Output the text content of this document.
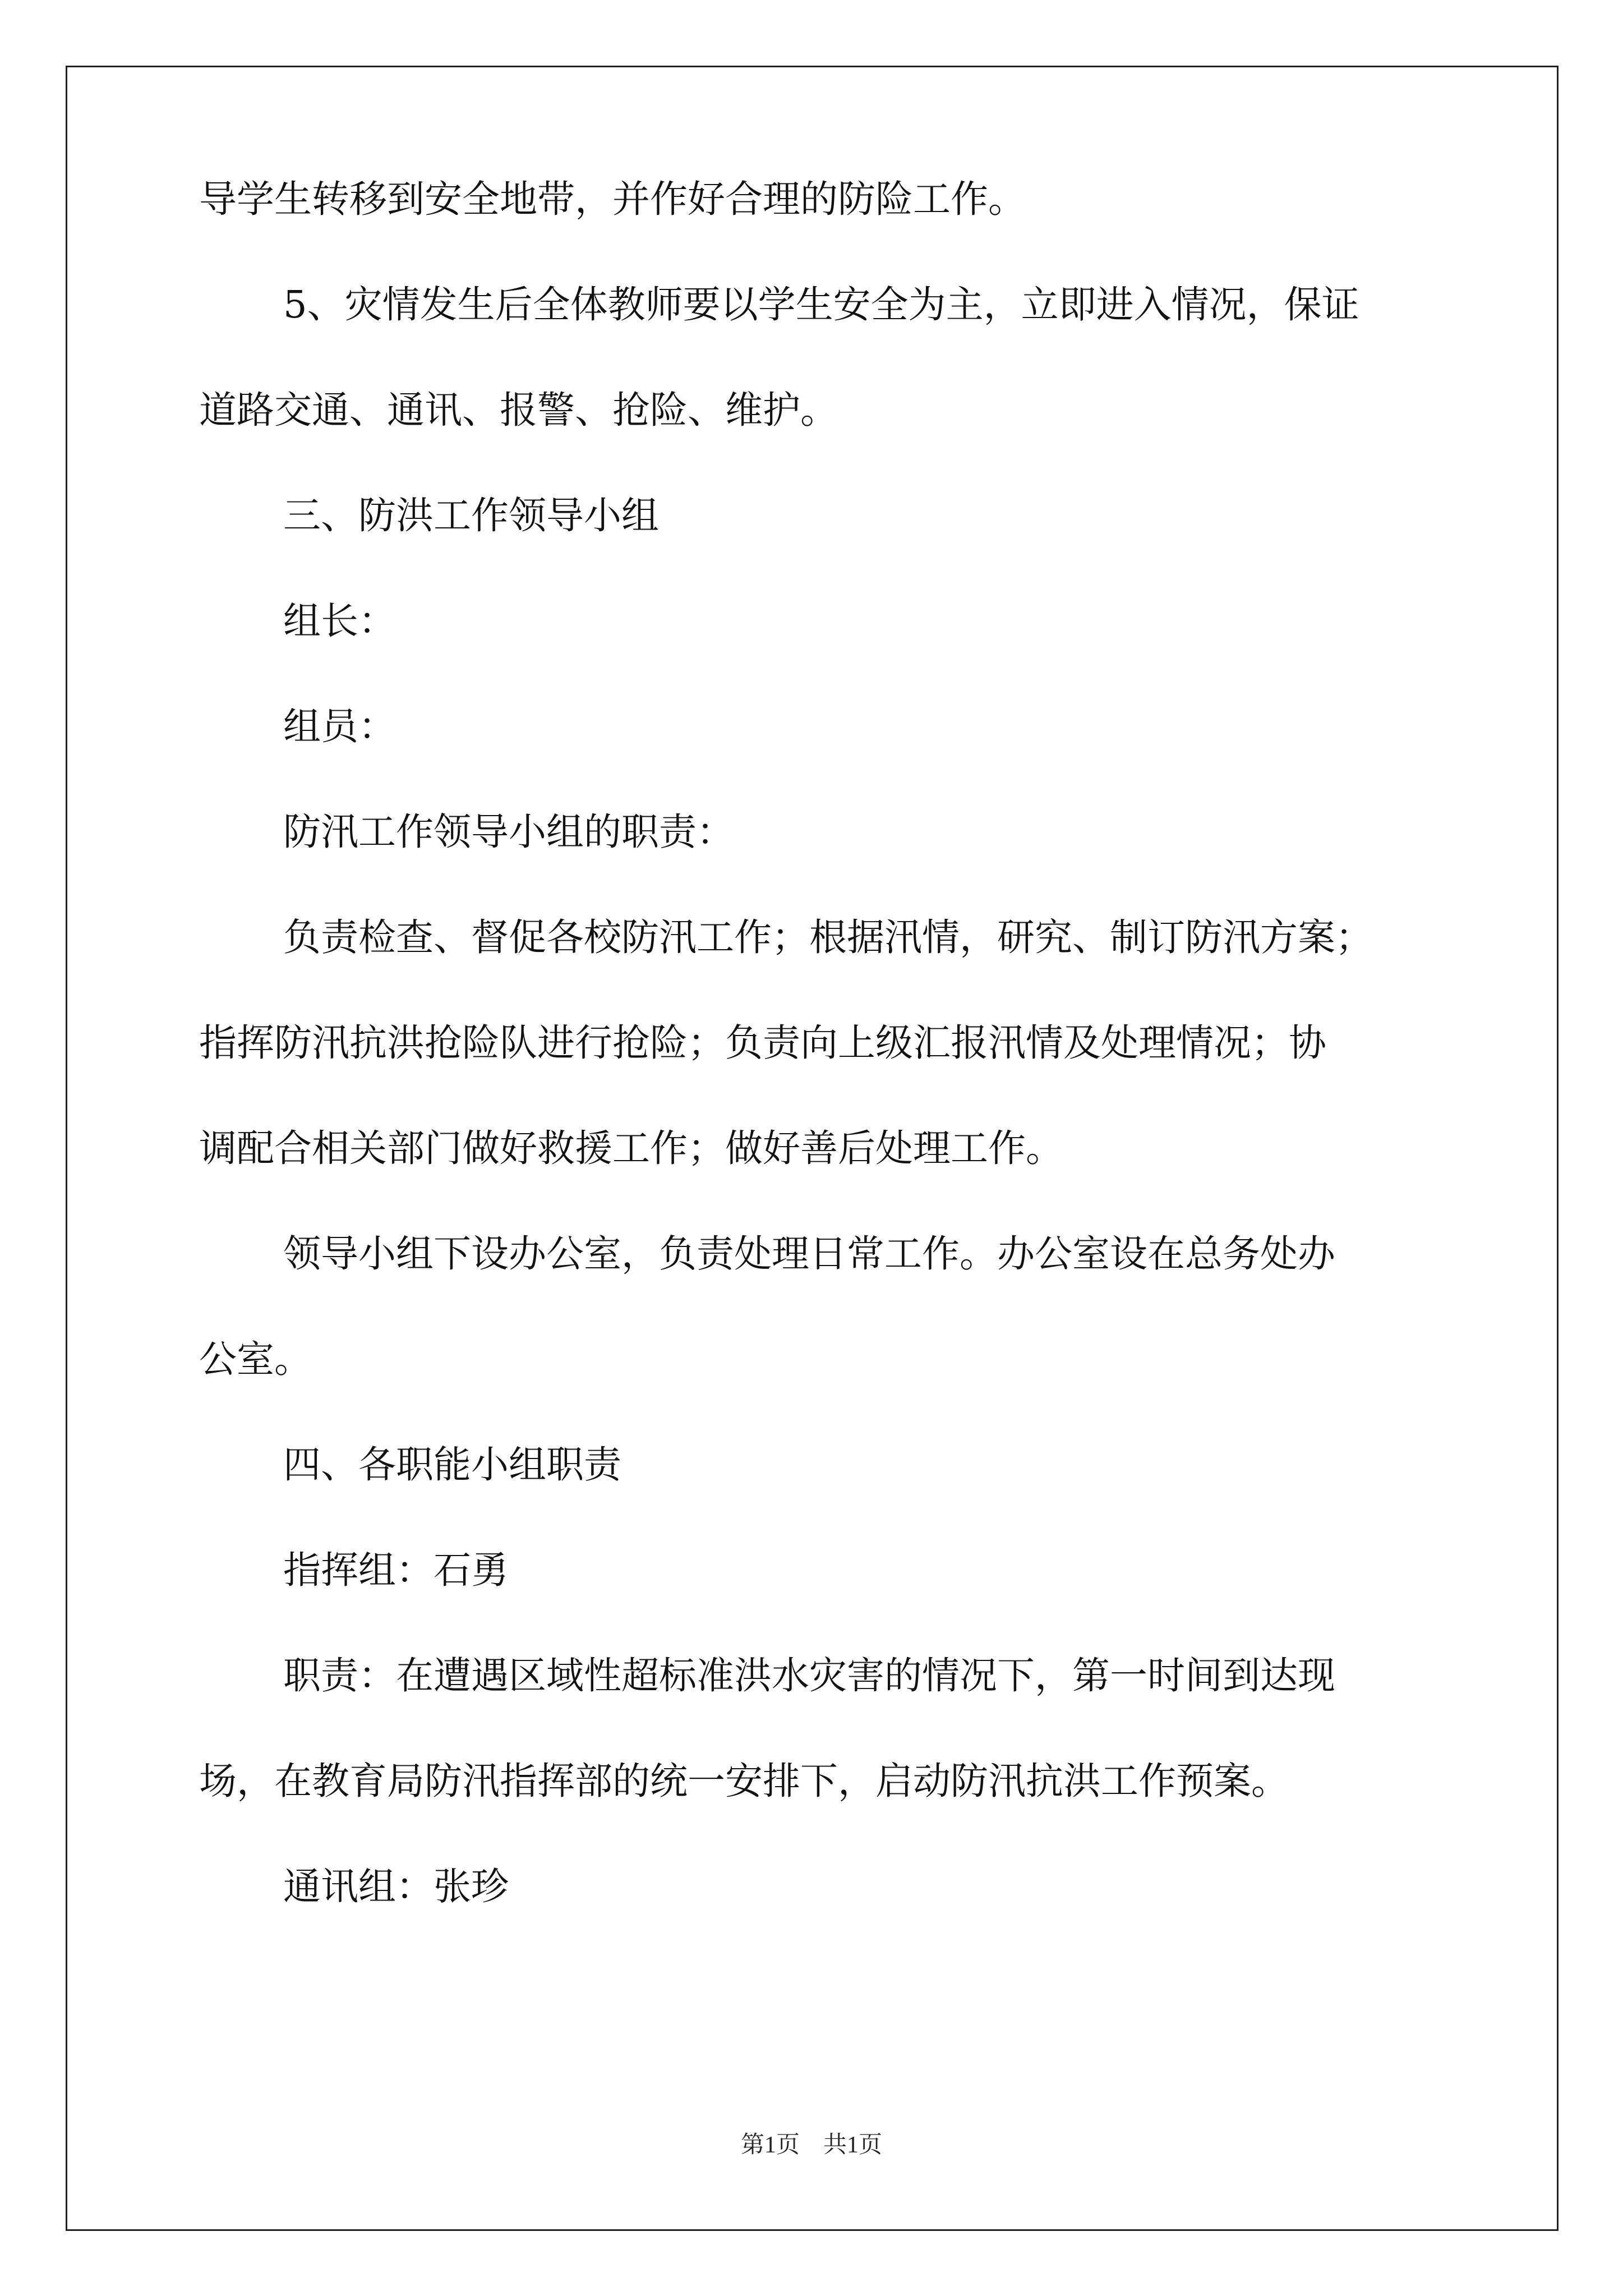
导学生转移到安全地带，并作好合理的防险工作。
5、灾情发生后全体教师要以学生安全为主，立即进入情况，保证
道路交通、通讯、报警、抢险、维护。
三、防洪工作领导小组
组长：
组员：
防汛工作领导小组的职责：
负责检查、督促各校防汛工作；根据汛情，研究、制订防汛方案；
指挥防汛抗洪抢险队进行抢险；负责向上级汇报汛情及处理情况；协
调配合相关部门做好救援工作；做好善后处理工作。
领导小组下设办公室，负责处理日常工作。办公室设在总务处办
公室。
四、各职能小组职责
指挥组：石勇
职责：在遭遇区域性超标准洪水灾害的情况下，第一时间到达现
场，在教育局防汛指挥部的统一安排下，启动防汛抗洪工作预案。
通讯组：张珍
第1页　共1页
